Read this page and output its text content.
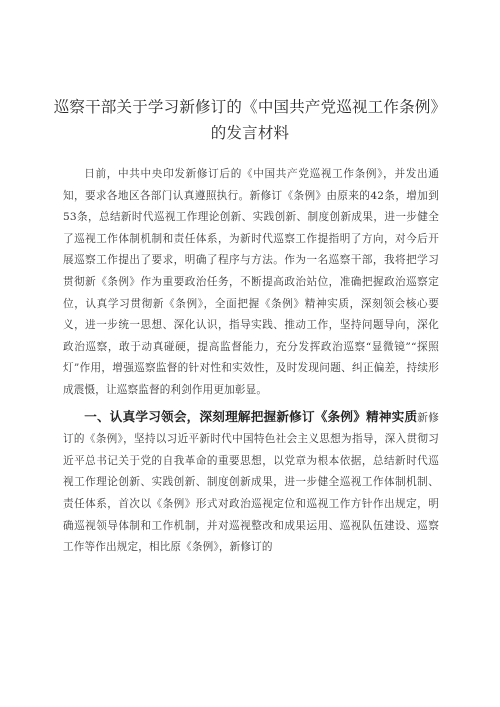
巡察干部关于学习新修订的《中国共产党巡视工作条例》
的发言材料

日前，中共中央印发新修订后的《中国共产党巡视工作条例》，并发出通知，要求各地区各部门认真遵照执行。新修订《条例》由原来的42条，增加到53条，总结新时代巡视工作理论创新、实践创新、制度创新成果，进一步健全了巡视工作体制机制和责任体系，为新时代巡察工作提指明了方向，对今后开展巡察工作提出了要求，明确了程序与方法。作为一名巡察干部，我将把学习贯彻新《条例》作为重要政治任务，不断提高政治站位，准确把握政治巡察定位，认真学习贯彻新《条例》，全面把握《条例》精神实质，深刻领会核心要义，进一步统一思想、深化认识，指导实践、推动工作，坚持问题导向，深化政治巡察，敢于动真碰硬，提高监督能力，充分发挥政治巡察“显微镜”“探照灯”作用，增强巡察监督的针对性和实效性，及时发现问题、纠正偏差，持续形成震慑，让巡察监督的利剑作用更加彰显。

一、认真学习领会，深刻理解把握新修订《条例》精神实质新修订的《条例》，坚持以习近平新时代中国特色社会主义思想为指导，深入贯彻习近平总书记关于党的自我革命的重要思想，以党章为根本依据，总结新时代巡视工作理论创新、实践创新、制度创新成果，进一步健全巡视工作体制机制、责任体系，首次以《条例》形式对政治巡视定位和巡视工作方针作出规定，明确巡视领导体制和工作机制，并对巡视整改和成果运用、巡视队伍建设、巡察工作等作出规定，相比原《条例》，新修订的
